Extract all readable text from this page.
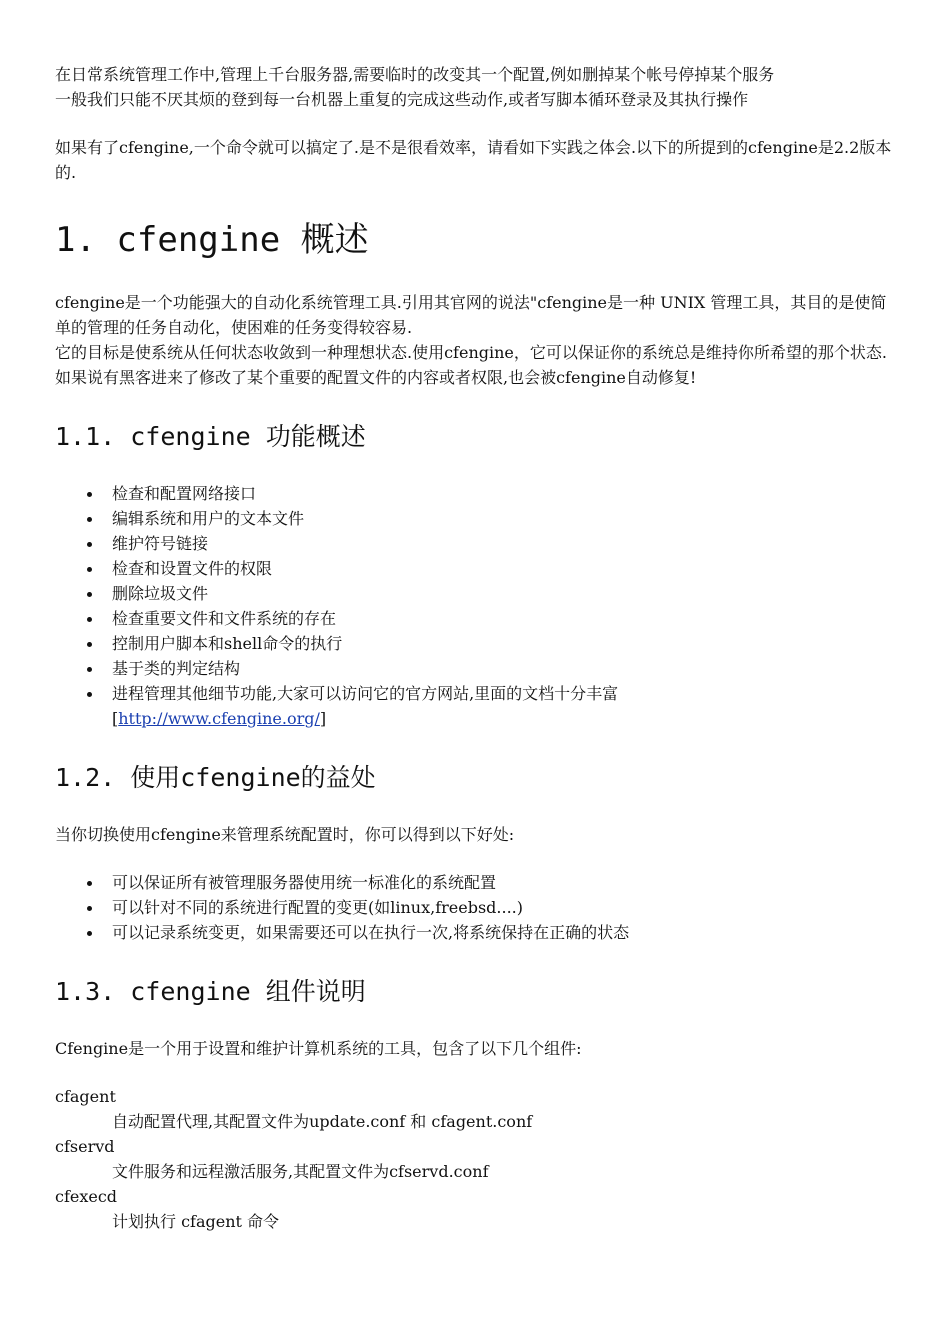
在日常系统管理工作中,管理上千台服务器,需要临时的改变其一个配置,例如删掉某个帐号停掉某个服务

一般我们只能不厌其烦的登到每一台机器上重复的完成这些动作,或者写脚本循环登录及其执行操作

如果有了cfengine,一个命令就可以搞定了.是不是很看效率，请看如下实践之体会.以下的所提到的cfengine是2.2版本的.

1. cfengine 概述

cfengine是一个功能强大的自动化系统管理工具.引用其官网的说法"cfengine是一种 UNIX 管理工具，其目的是使简单的管理的任务自动化，使困难的任务变得较容易.

它的目标是使系统从任何状态收敛到一种理想状态.使用cfengine，它可以保证你的系统总是维持你所希望的那个状态.

如果说有黑客进来了修改了某个重要的配置文件的内容或者权限,也会被cfengine自动修复!

1.1. cfengine 功能概述
检查和配置网络接口
编辑系统和用户的文本文件
维护符号链接
检查和设置文件的权限
删除垃圾文件
检查重要文件和文件系统的存在
控制用户脚本和shell命令的执行
基于类的判定结构
进程管理其他细节功能,大家可以访问它的官方网站,里面的文档十分丰富
[http://www.cfengine.org/]
1.2. 使用cfengine的益处

当你切换使用cfengine来管理系统配置时，你可以得到以下好处:

可以保证所有被管理服务器使用统一标准化的系统配置
可以针对不同的系统进行配置的变更(如linux,freebsd....)
可以记录系统变更，如果需要还可以在执行一次,将系统保持在正确的状态
1.3. cfengine 组件说明

Cfengine是一个用于设置和维护计算机系统的工具，包含了以下几个组件:

cfagent
自动配置代理,其配置文件为update.conf 和 cfagent.conf
cfservd
文件服务和远程激活服务,其配置文件为cfservd.conf
cfexecd
计划执行 cfagent 命令
